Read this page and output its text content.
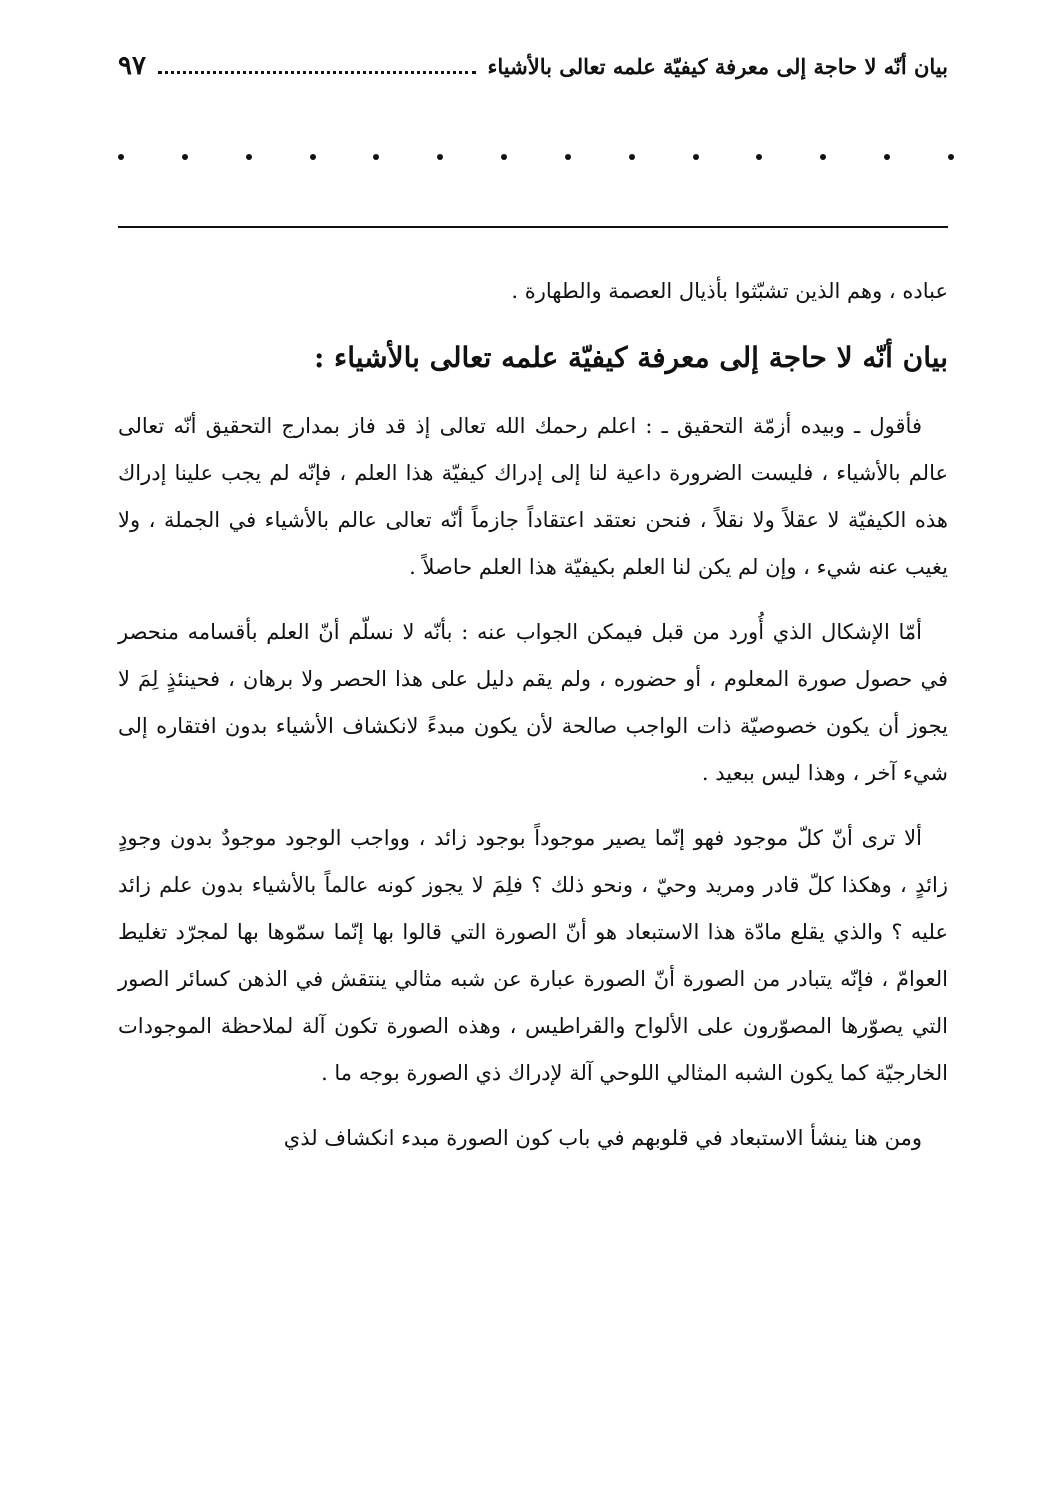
بيان أنّه لا حاجة إلى معرفة كيفيّة علمه تعالى بالأشياء
٩٧

عباده ، وهم الذين تشبّثوا بأذيال العصمة والطهارة .

بيان أنّه لا حاجة إلى معرفة كيفيّة علمه تعالى بالأشياء :

فأقول ـ وبيده أزمّة التحقيق ـ : اعلم رحمك الله تعالى إذ قد فاز بمدارج التحقيق أنّه تعالى عالم بالأشياء ، فليست الضرورة داعية لنا إلى إدراك كيفيّة هذا العلم ، فإنّه لم يجب علينا إدراك هذه الكيفيّة لا عقلاً ولا نقلاً ، فنحن نعتقد اعتقاداً جازماً أنّه تعالى عالم بالأشياء في الجملة ، ولا يغيب عنه شيء ، وإن لم يكن لنا العلم بكيفيّة هذا العلم حاصلاً .

أمّا الإشكال الذي أُورد من قبل فيمكن الجواب عنه : بأنّه لا نسلّم أنّ العلم بأقسامه منحصر في حصول صورة المعلوم ، أو حضوره ، ولم يقم دليل على هذا الحصر ولا برهان ، فحينئذٍ لِمَ لا يجوز أن يكون خصوصيّة ذات الواجب صالحة لأن يكون مبدءً لانكشاف الأشياء بدون افتقاره إلى شيء آخر ، وهذا ليس ببعيد .

ألا ترى أنّ كلّ موجود فهو إنّما يصير موجوداً بوجود زائد ، وواجب الوجود موجودٌ بدون وجودٍ زائدٍ ، وهكذا كلّ قادر ومريد وحيّ ، ونحو ذلك ؟ فلِمَ لا يجوز كونه عالماً بالأشياء بدون علم زائد عليه ؟ والذي يقلع مادّة هذا الاستبعاد هو أنّ الصورة التي قالوا بها إنّما سمّوها بها لمجرّد تغليط العوامّ ، فإنّه يتبادر من الصورة أنّ الصورة عبارة عن شبه مثالي ينتقش في الذهن كسائر الصور التي يصوّرها المصوّرون على الألواح والقراطيس ، وهذه الصورة تكون آلة لملاحظة الموجودات الخارجيّة كما يكون الشبه المثالي اللوحي آلة لإدراك ذي الصورة بوجه ما .

ومن هنا ينشأ الاستبعاد في قلوبهم في باب كون الصورة مبدء انكشاف لذي
